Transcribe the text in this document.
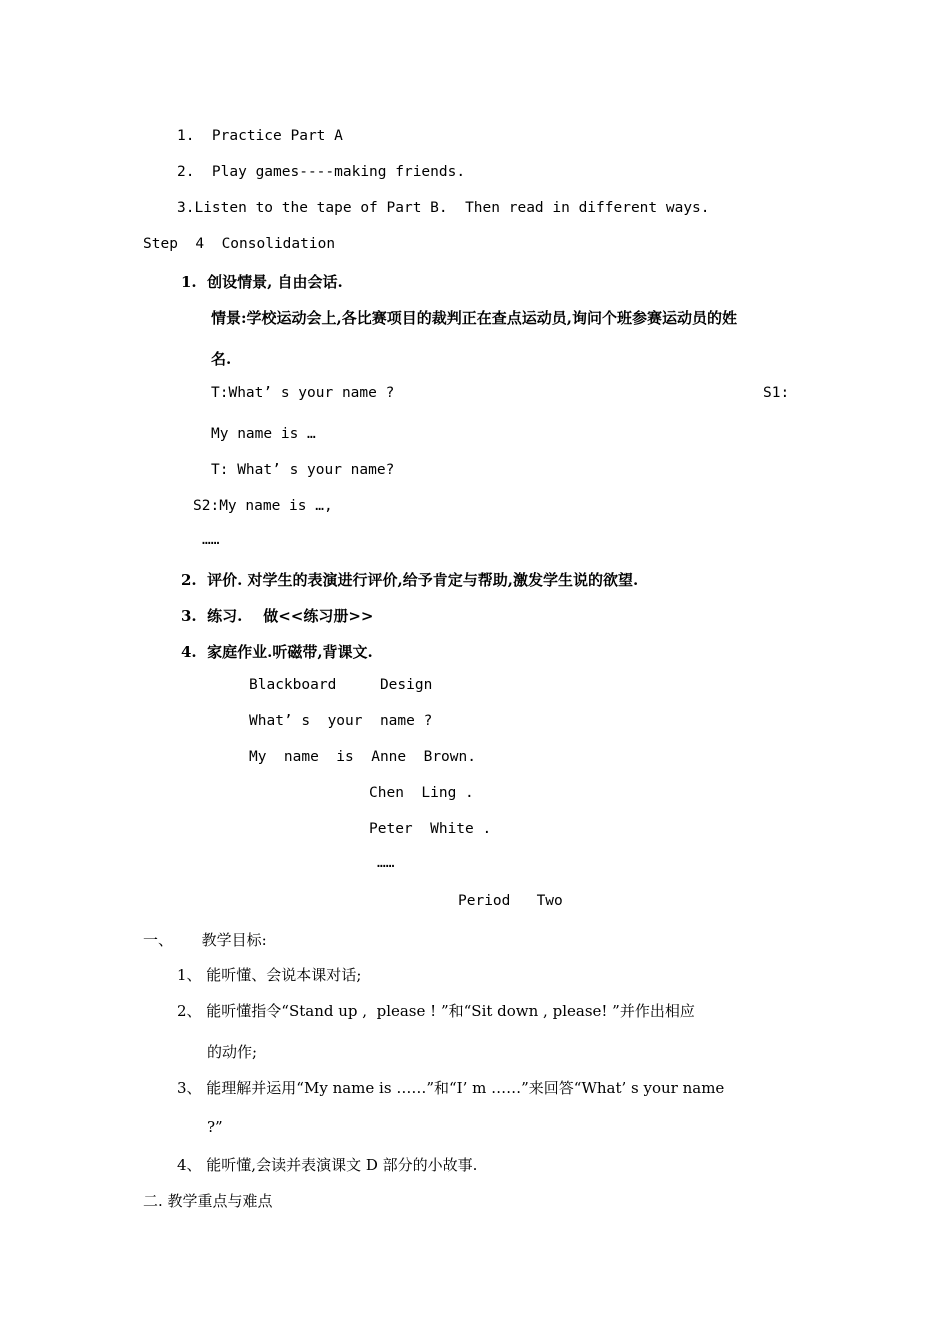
1.  Practice Part A
2.  Play games----making friends.
3.Listen to the tape of Part B.  Then read in different ways.
Step  4  Consolidation
1.  创设情景, 自由会话.
情景:学校运动会上,各比赛项目的裁判正在查点运动员,询问个班参赛运动员的姓
名.
T:What’ s your name ?	S1:
My name is …
T: What’ s your name?
S2:My name is …,
……
2.  评价. 对学生的表演进行评价,给予肯定与帮助,激发学生说的欲望.
3.  练习.    做<<练习册>>
4.  家庭作业.听磁带,背课文.
Blackboard     Design
What’ s  your  name ?
My  name  is  Anne  Brown.
Chen  Ling .
Peter  White .
……
Period   Two
一、      教学目标:
1、 能听懂、会说本课对话;
2、 能听懂指令“Stand up ,  please ! ”和“Sit down , please! ”并作出相应
的动作;
3、 能理解并运用“My name is ……”和“I’ m ……”来回答“What’ s your name
?”
4、 能听懂,会读并表演课文 D 部分的小故事.
二. 教学重点与难点
